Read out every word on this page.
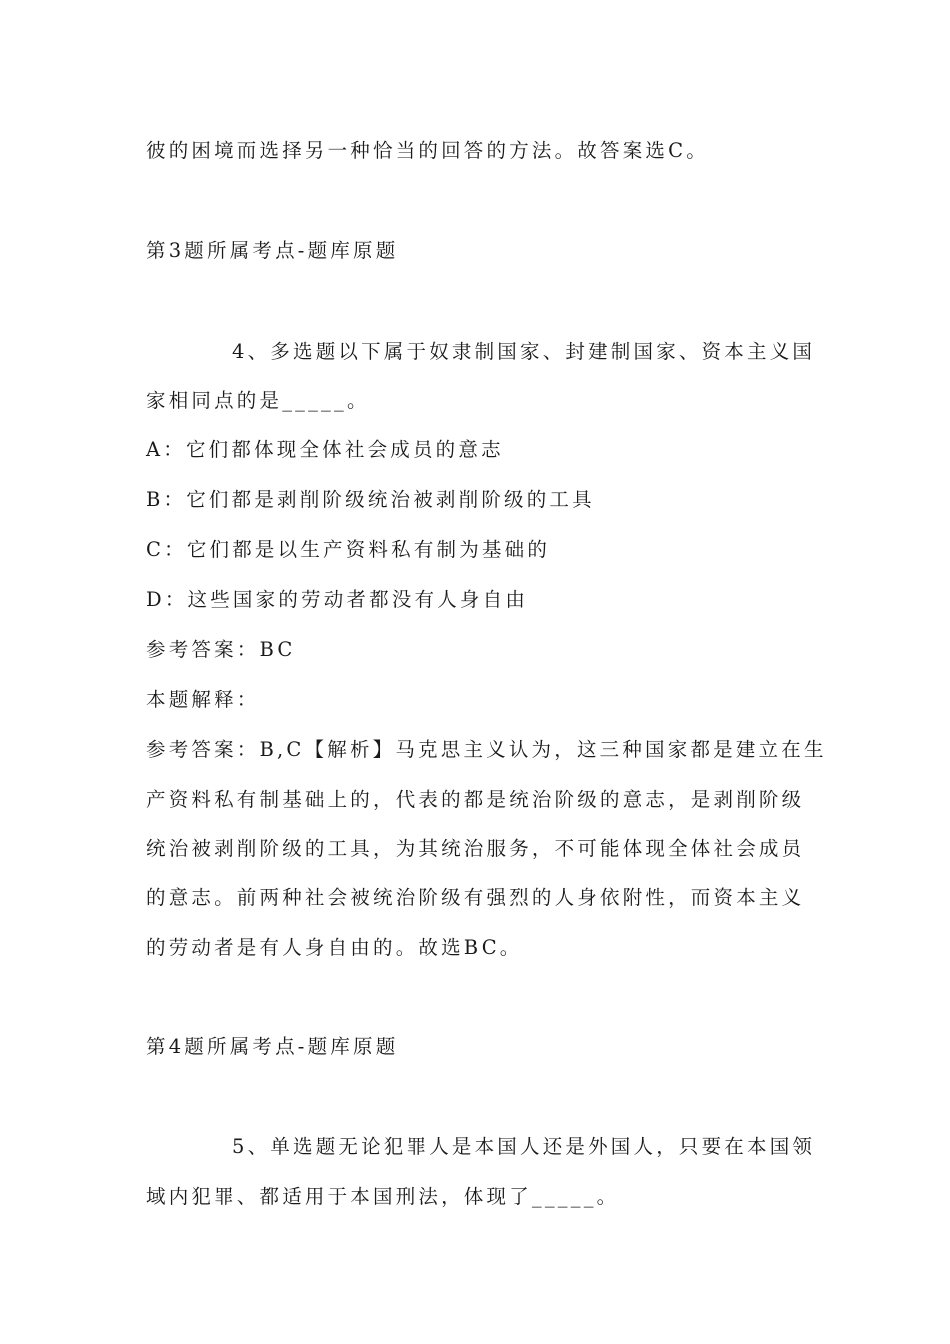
彼的困境而选择另一种恰当的回答的方法。故答案选C。
第3题所属考点-题库原题
4、多选题以下属于奴隶制国家、封建制国家、资本主义国
家相同点的是_____。
A：它们都体现全体社会成员的意志
B：它们都是剥削阶级统治被剥削阶级的工具
C：它们都是以生产资料私有制为基础的
D：这些国家的劳动者都没有人身自由
参考答案：BC
本题解释：
参考答案：B,C【解析】马克思主义认为，这三种国家都是建立在生
产资料私有制基础上的，代表的都是统治阶级的意志，是剥削阶级
统治被剥削阶级的工具，为其统治服务，不可能体现全体社会成员
的意志。前两种社会被统治阶级有强烈的人身依附性，而资本主义
的劳动者是有人身自由的。故选BC。
第4题所属考点-题库原题
5、单选题无论犯罪人是本国人还是外国人，只要在本国领
域内犯罪、都适用于本国刑法，体现了_____。
